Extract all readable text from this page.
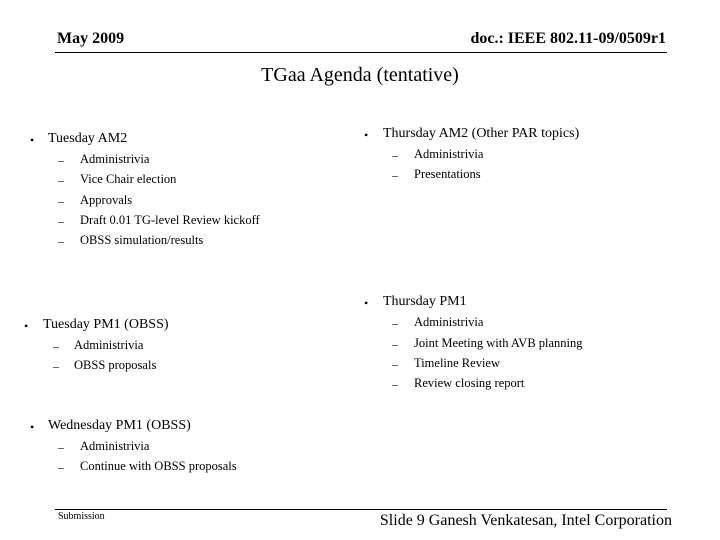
May 2009	doc.: IEEE 802.11-09/0509r1
TGaa Agenda (tentative)
• Tuesday AM2
– Administrivia
– Vice Chair election
– Approvals
– Draft 0.01 TG-level Review kickoff
– OBSS simulation/results
• Tuesday PM1 (OBSS)
– Administrivia
– OBSS proposals
• Wednesday PM1 (OBSS)
– Administrivia
– Continue with OBSS proposals
• Thursday AM2 (Other PAR topics)
– Administrivia
– Presentations
• Thursday PM1
– Administrivia
– Joint Meeting with AVB planning
– Timeline Review
– Review closing report
Submission	Slide 9 Ganesh Venkatesan, Intel Corporation
